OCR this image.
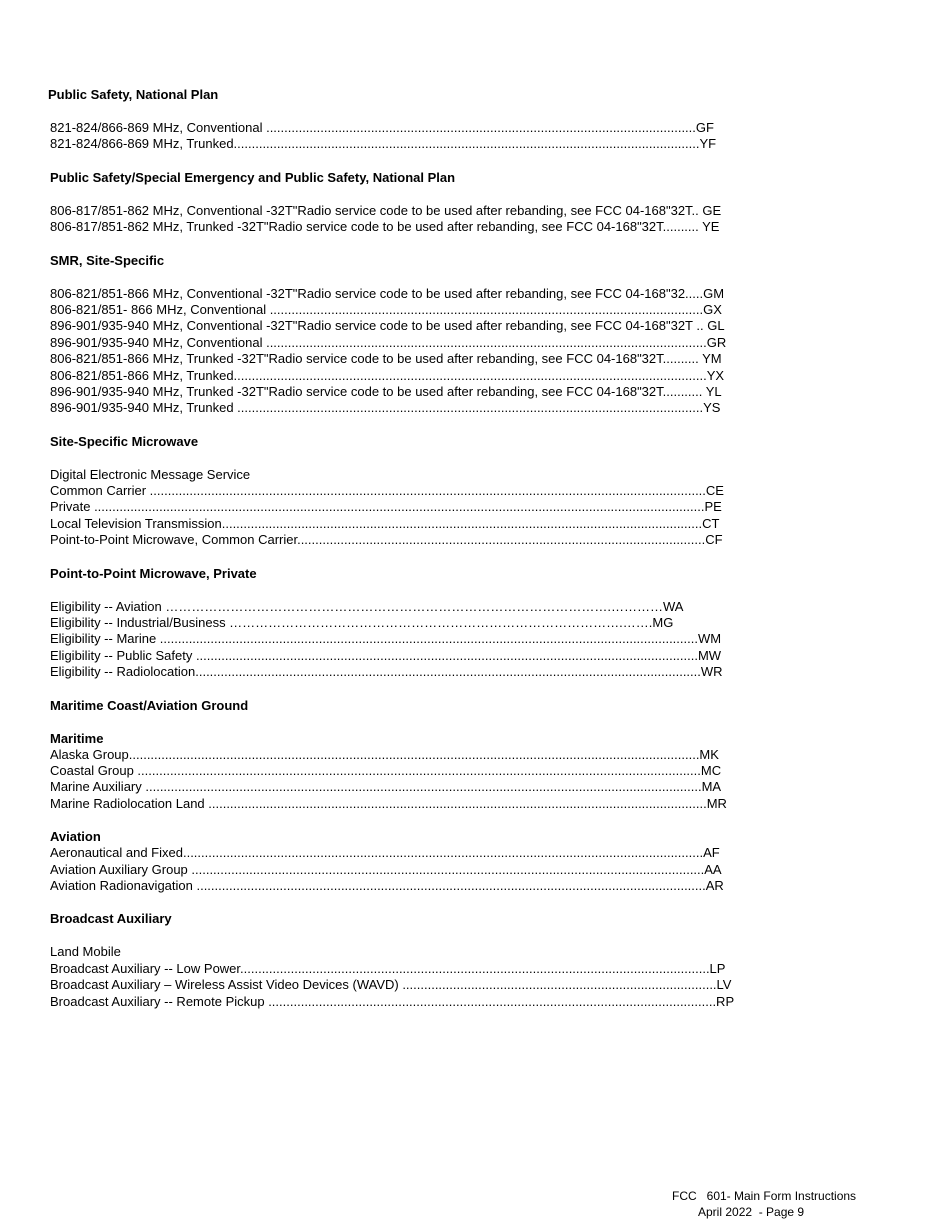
Public Safety, National Plan
821-824/866-869 MHz, Conventional .......................................................................................................................GF
821-824/866-869 MHz, Trunked.................................................................................................................................YF
Public Safety/Special Emergency and Public Safety, National Plan
806-817/851-862 MHz, Conventional -32T"Radio service code to be used after rebanding, see FCC 04-168"32T.. GE
806-817/851-862 MHz, Trunked -32T"Radio service code to be used after rebanding, see FCC 04-168"32T.......... YE
SMR, Site-Specific
806-821/851-866 MHz, Conventional -32T"Radio service code to be used after rebanding, see FCC 04-168"32.....GM
806-821/851- 866 MHz, Conventional ........................................................................................................................GX
896-901/935-940 MHz, Conventional -32T"Radio service code to be used after rebanding, see FCC 04-168"32T .. GL
896-901/935-940 MHz, Conventional ..........................................................................................................................GR
806-821/851-866 MHz, Trunked -32T"Radio service code to be used after rebanding, see FCC 04-168"32T.......... YM
806-821/851-866 MHz, Trunked...................................................................................................................................YX
896-901/935-940 MHz, Trunked -32T"Radio service code to be used after rebanding, see FCC 04-168"32T........... YL
896-901/935-940 MHz, Trunked .................................................................................................................................YS
Site-Specific Microwave
Digital Electronic Message Service
Common Carrier ..........................................................................................................................................................CE
Private .........................................................................................................................................................................PE
Local Television Transmission.....................................................................................................................................CT
Point-to-Point Microwave, Common Carrier.................................................................................................................CF
Point-to-Point Microwave, Private
Eligibility -- Aviation ………………………………………………………………………………………….…………WA
Eligibility -- Industrial/Business ……………………………………………………………………………….…….MG
Eligibility -- Marine .....................................................................................................................................................WM
Eligibility -- Public Safety ...........................................................................................................................................MW
Eligibility -- Radiolocation............................................................................................................................................WR
Maritime Coast/Aviation Ground
Maritime
Alaska Group..............................................................................................................................................................MK
Coastal Group ............................................................................................................................................................MC
Marine Auxiliary ..........................................................................................................................................................MA
Marine Radiolocation Land ..........................................................................................................................................MR
Aviation
Aeronautical and Fixed................................................................................................................................................AF
Aviation Auxiliary Group ..............................................................................................................................................AA
Aviation Radionavigation .............................................................................................................................................AR
Broadcast Auxiliary
Land Mobile
Broadcast Auxiliary -- Low Power..................................................................................................................................LP
Broadcast Auxiliary – Wireless Assist Video Devices (WAVD) .......................................................................................LV
Broadcast Auxiliary -- Remote Pickup ............................................................................................................................RP
FCC   601- Main Form Instructions
April 2022  - Page 9
